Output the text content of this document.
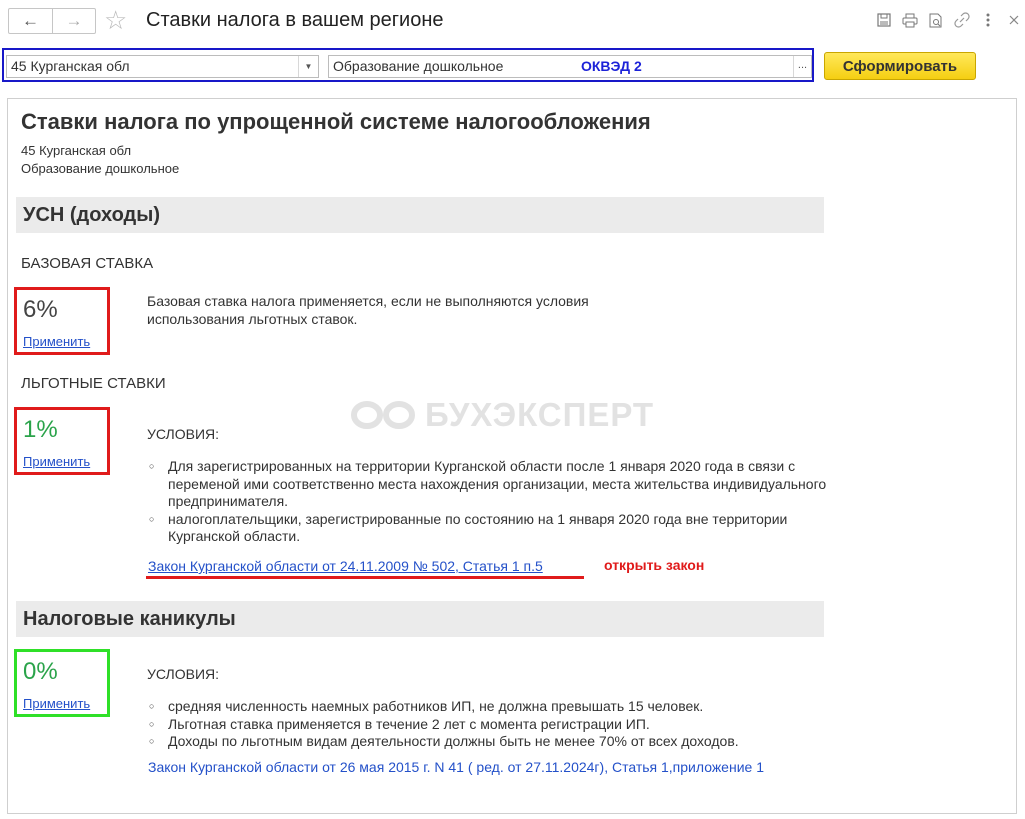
←	→ ☆ Ставки налога в вашем регионе
45 Курганская обл	▼	Образование дошкольное	ОКВЭД 2	...	Сформировать
БУХЭКСПЕРТ
Ставки налога по упрощенной системе налогообложения
45 Курганская обл
Образование дошкольное
УСН (доходы)
БАЗОВАЯ СТАВКА
6%
Применить
Базовая ставка налога применяется, если не выполняются условия
использования льготных ставок.
ЛЬГОТНЫЕ СТАВКИ
1%
Применить
УСЛОВИЯ:
○ Для зарегистрированных на территории Курганской области после 1 января 2020 года в связи с переменой ими соответственно места нахождения организации, места жительства индивидуального предпринимателя.
○ налогоплательщики, зарегистрированные по состоянию на 1 января 2020 года вне территории Курганской области.
Закон Курганской области от 24.11.2009 № 502, Статья 1 п.5	открыть закон
Налоговые каникулы
0%
Применить
УСЛОВИЯ:
○ средняя численность наемных работников ИП, не должна превышать 15 человек.
○ Льготная ставка применяется в течение 2 лет с момента регистрации ИП.
○ Доходы по льготным видам деятельности должны быть не менее 70% от всех доходов.
Закон Курганской области от 26 мая 2015 г. N 41 ( ред. от 27.11.2024г), Статья 1,приложение 1
